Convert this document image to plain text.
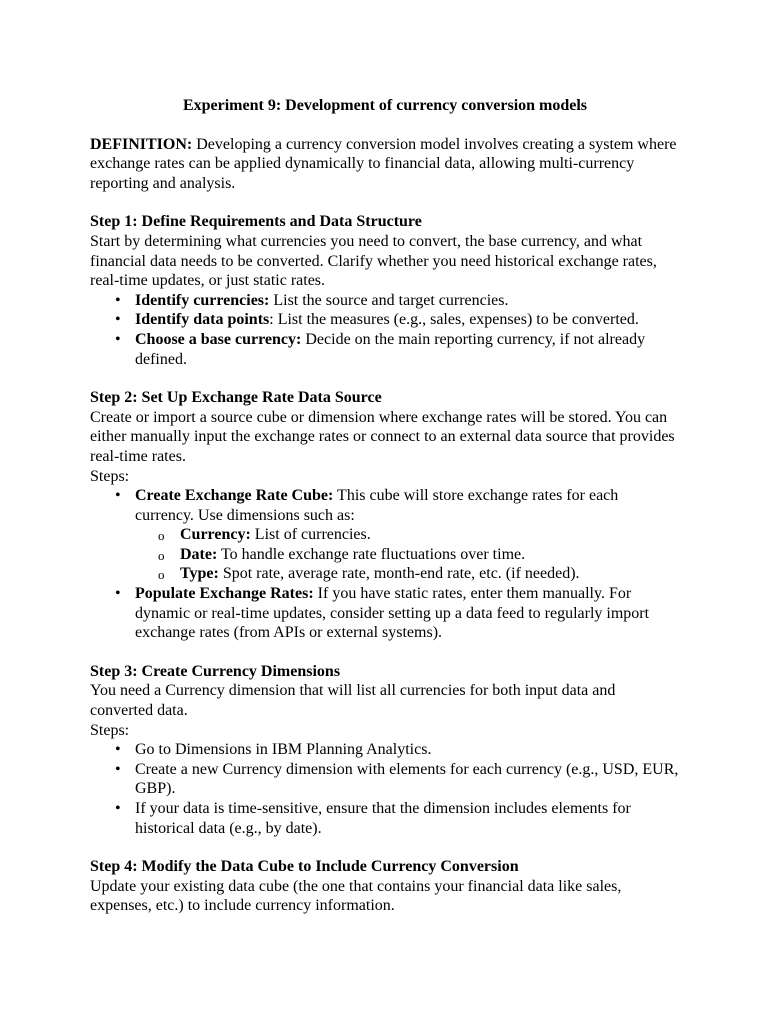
Experiment 9: Development of currency conversion models

DEFINITION: Developing a currency conversion model involves creating a system where exchange rates can be applied dynamically to financial data, allowing multi-currency reporting and analysis.

Step 1: Define Requirements and Data Structure

Start by determining what currencies you need to convert, the base currency, and what financial data needs to be converted. Clarify whether you need historical exchange rates, real-time updates, or just static rates.

• Identify currencies: List the source and target currencies.
• Identify data points: List the measures (e.g., sales, expenses) to be converted.
• Choose a base currency: Decide on the main reporting currency, if not already defined.

Step 2: Set Up Exchange Rate Data Source

Create or import a source cube or dimension where exchange rates will be stored. You can either manually input the exchange rates or connect to an external data source that provides real-time rates.

Steps:

• Create Exchange Rate Cube: This cube will store exchange rates for each currency. Use dimensions such as:
o Currency: List of currencies.
o Date: To handle exchange rate fluctuations over time.
o Type: Spot rate, average rate, month-end rate, etc. (if needed).
• Populate Exchange Rates: If you have static rates, enter them manually. For dynamic or real-time updates, consider setting up a data feed to regularly import exchange rates (from APIs or external systems).

Step 3: Create Currency Dimensions

You need a Currency dimension that will list all currencies for both input data and converted data.

Steps:

• Go to Dimensions in IBM Planning Analytics.
• Create a new Currency dimension with elements for each currency (e.g., USD, EUR, GBP).
• If your data is time-sensitive, ensure that the dimension includes elements for historical data (e.g., by date).

Step 4: Modify the Data Cube to Include Currency Conversion

Update your existing data cube (the one that contains your financial data like sales, expenses, etc.) to include currency information.
